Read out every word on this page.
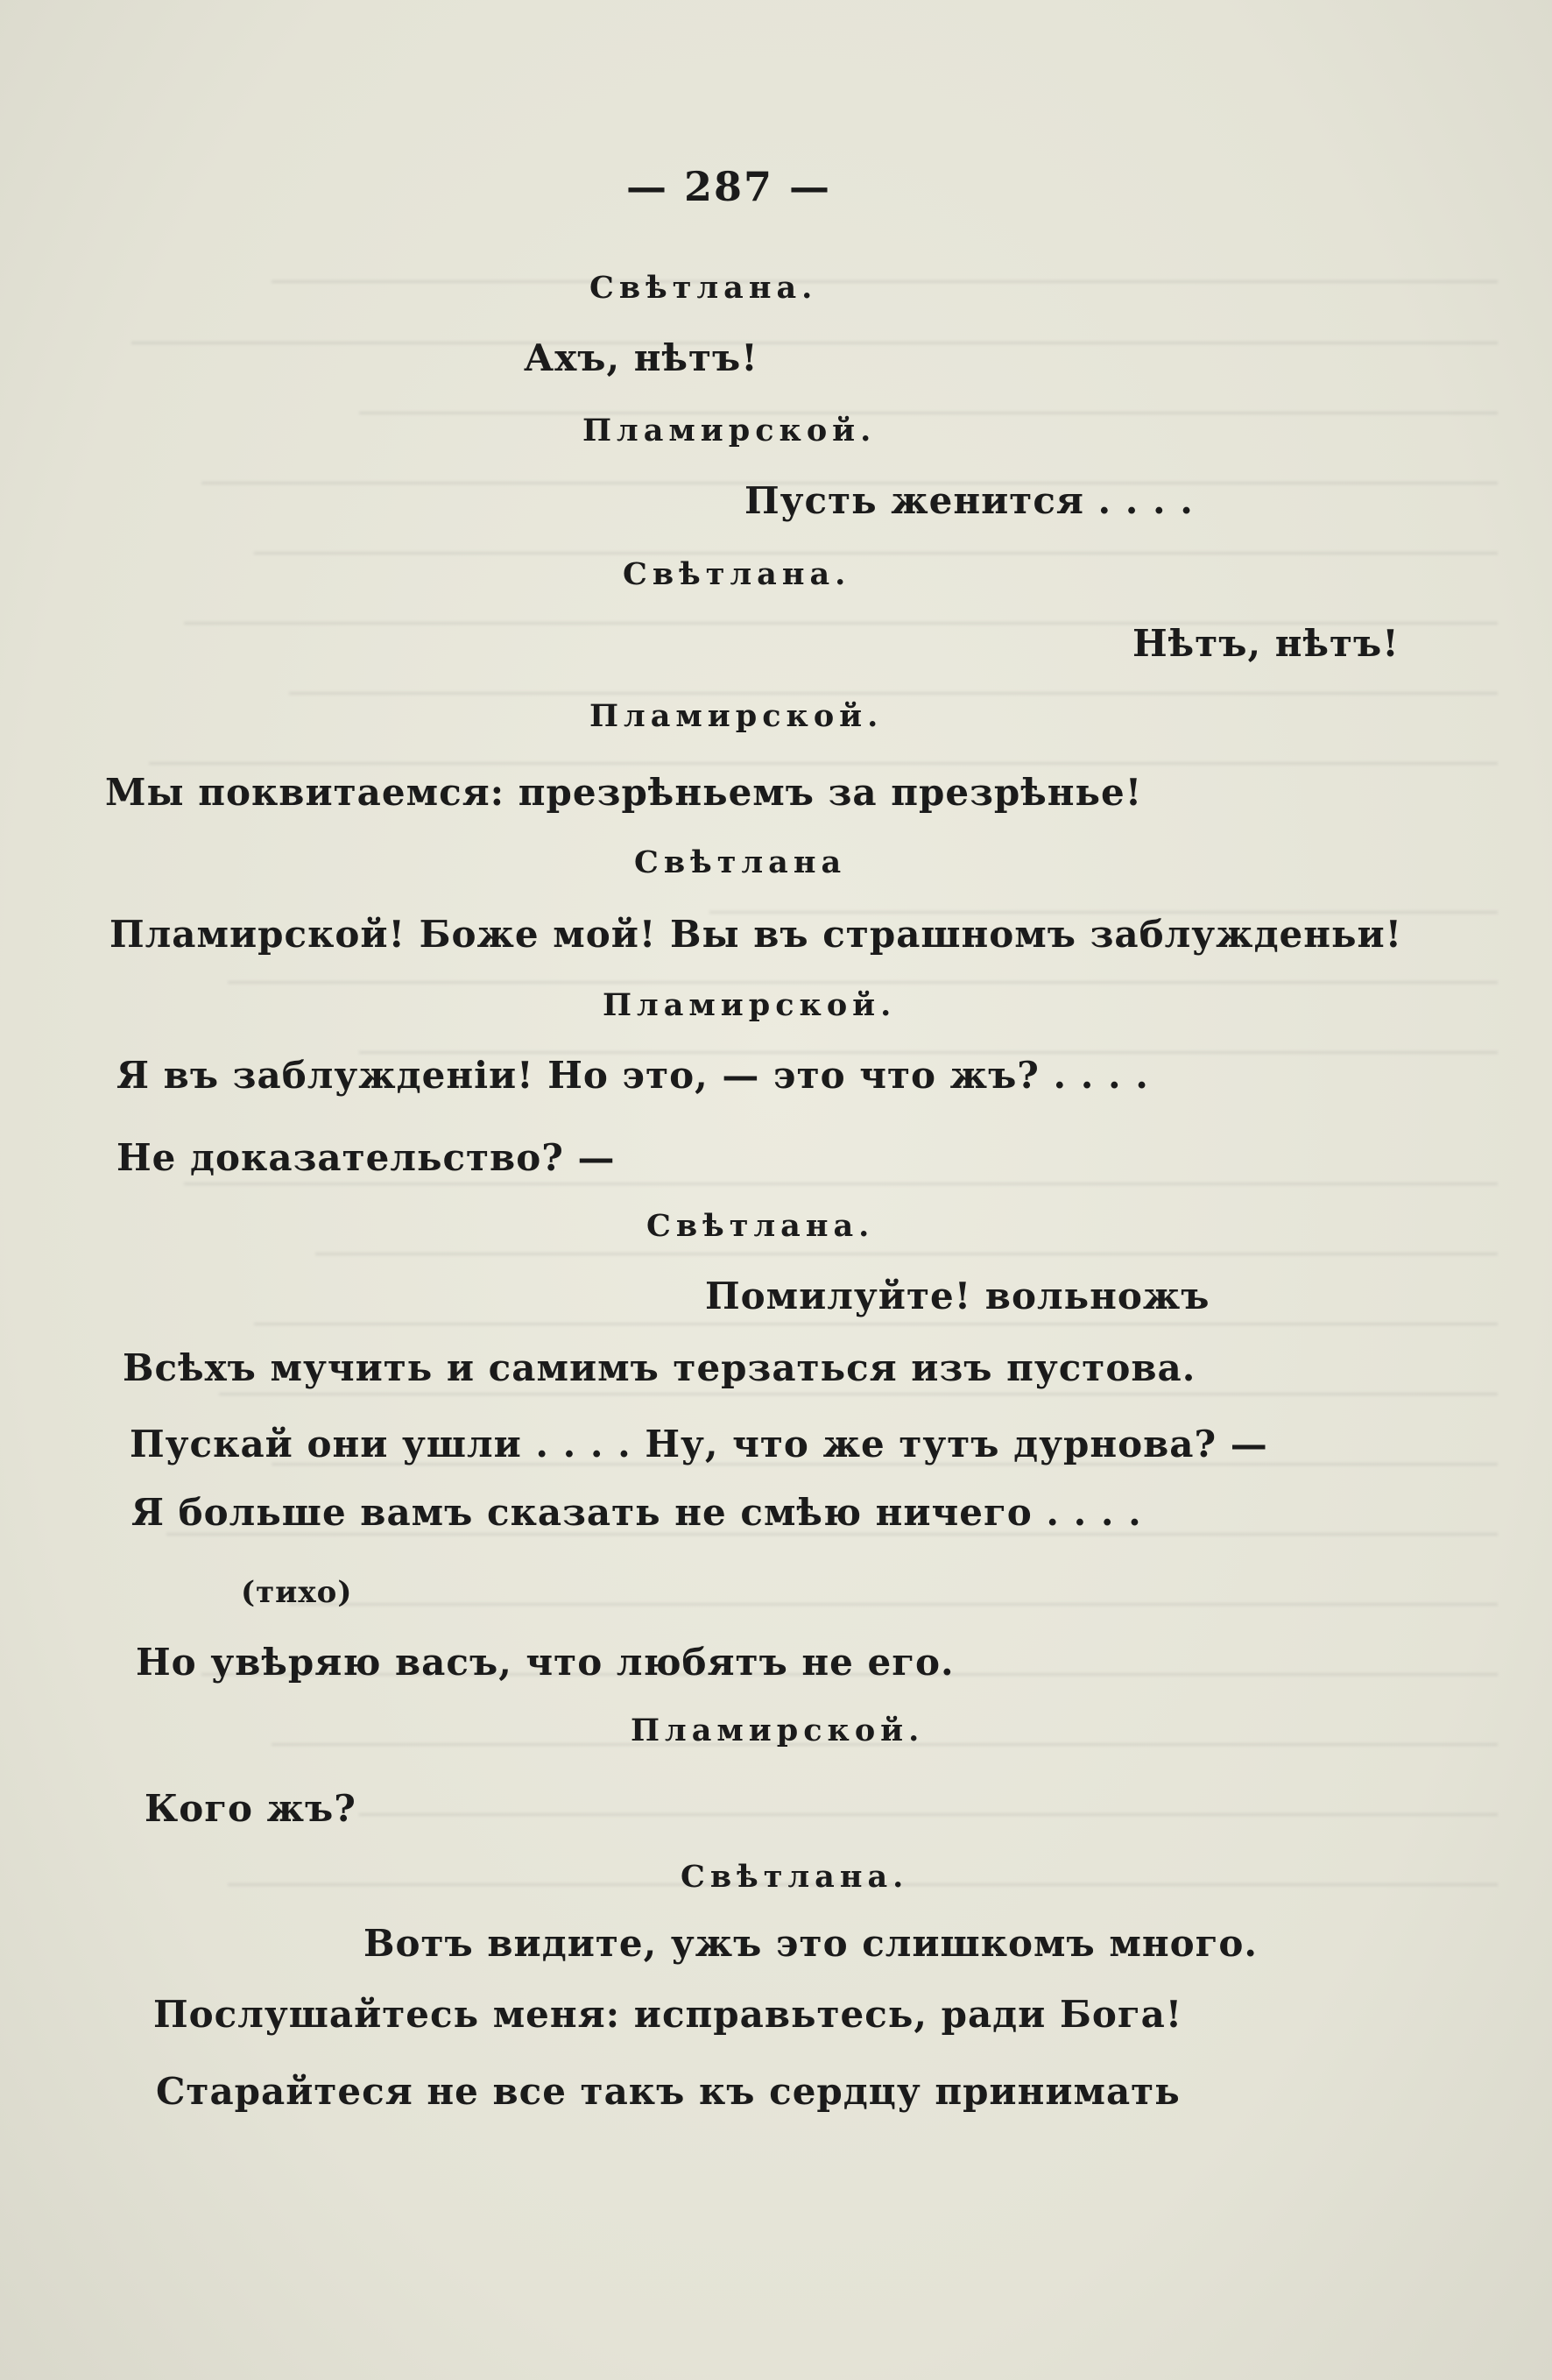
— 287 —
Свѣтлана.
Ахъ, нѣтъ!
Пламирской.
Пусть женится . . . .
Свѣтлана.
Нѣтъ, нѣтъ!
Пламирской.
Мы поквитаемся: презрѣньемъ за презрѣнье!
Свѣтлана
Пламирской! Боже мой! Вы въ страшномъ заблужденьи!
Пламирской.
Я въ заблужденіи! Но это, — это что жъ? . . . .
Не доказательство? —
Свѣтлана.
Помилуйте! вольножъ
Всѣхъ мучить и самимъ терзаться изъ пустова.
Пускай они ушли . . . . Ну, что же тутъ дурнова? —
Я больше вамъ сказать не смѣю ничего . . . .
(тихо)
Но увѣряю васъ, что любятъ не его.
Пламирской.
Кого жъ?
Свѣтлана.
Вотъ видите, ужъ это слишкомъ много.
Послушайтесь меня: исправьтесь, ради Бога!
Старайтеся не все такъ къ сердцу принимать
